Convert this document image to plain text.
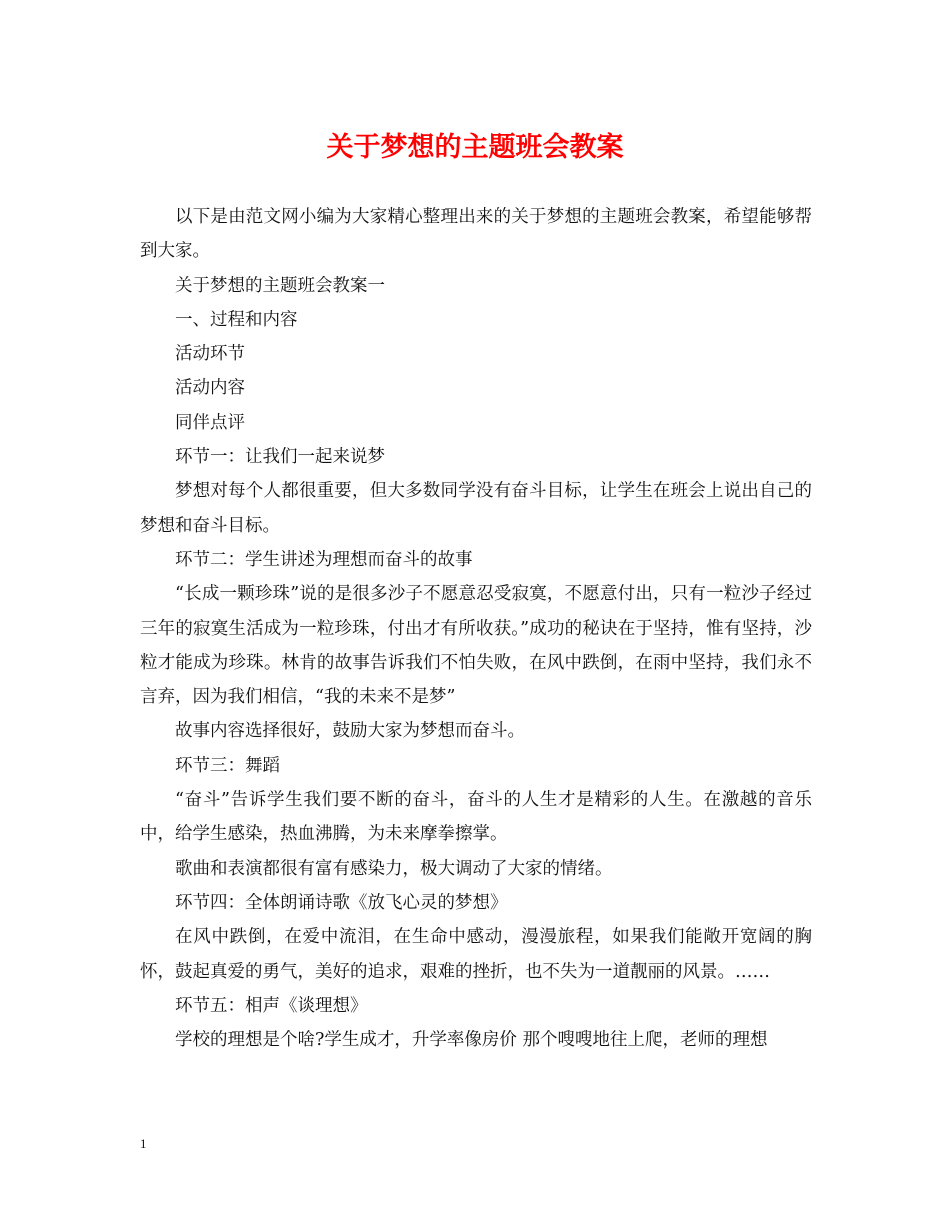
关于梦想的主题班会教案

以下是由范文网小编为大家精心整理出来的关于梦想的主题班会教案，希望能够帮到大家。

关于梦想的主题班会教案一

一、过程和内容

活动环节

活动内容

同伴点评

环节一：让我们一起来说梦

梦想对每个人都很重要，但大多数同学没有奋斗目标，让学生在班会上说出自己的梦想和奋斗目标。

环节二：学生讲述为理想而奋斗的故事

“长成一颗珍珠”说的是很多沙子不愿意忍受寂寞，不愿意付出，只有一粒沙子经过三年的寂寞生活成为一粒珍珠，付出才有所收获。”成功的秘诀在于坚持，惟有坚持，沙粒才能成为珍珠。林肯的故事告诉我们不怕失败，在风中跌倒，在雨中坚持，我们永不言弃，因为我们相信，“我的未来不是梦”

故事内容选择很好，鼓励大家为梦想而奋斗。

环节三：舞蹈

“奋斗”告诉学生我们要不断的奋斗，奋斗的人生才是精彩的人生。在激越的音乐中，给学生感染，热血沸腾，为未来摩拳擦掌。

歌曲和表演都很有富有感染力，极大调动了大家的情绪。

环节四：全体朗诵诗歌《放飞心灵的梦想》

在风中跌倒，在爱中流泪，在生命中感动，漫漫旅程，如果我们能敞开宽阔的胸怀，鼓起真爱的勇气，美好的追求，艰难的挫折，也不失为一道靓丽的风景。……

环节五：相声《谈理想》

学校的理想是个啥?学生成才，升学率像房价 那个嗖嗖地往上爬，老师的理想

1
